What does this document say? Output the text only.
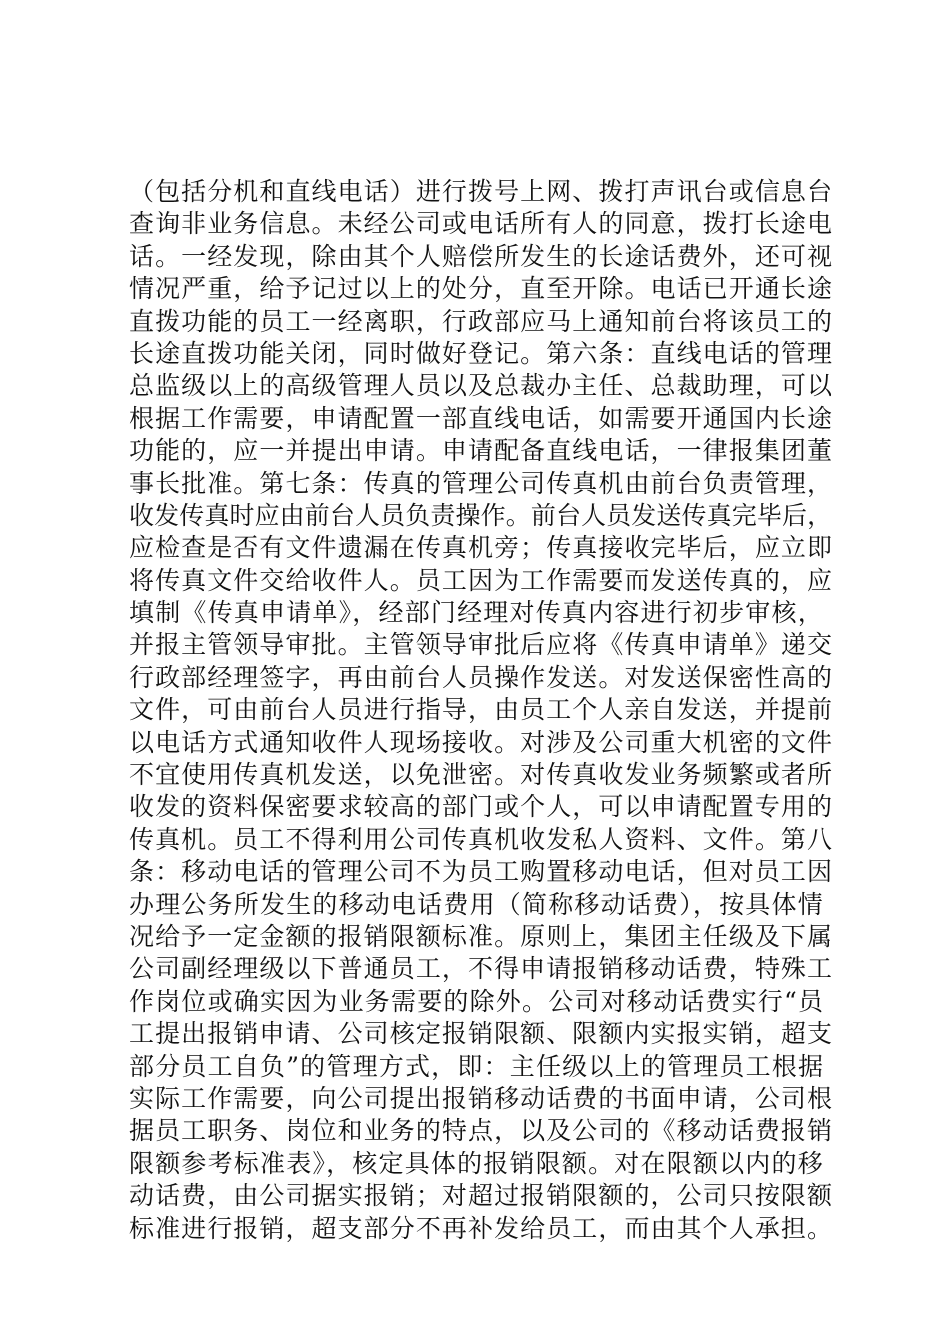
（包括分机和直线电话）进行拨号上网、拨打声讯台或信息台
查询非业务信息。未经公司或电话所有人的同意，拨打长途电
话。一经发现，除由其个人赔偿所发生的长途话费外，还可视
情况严重，给予记过以上的处分，直至开除。电话已开通长途
直拨功能的员工一经离职，行政部应马上通知前台将该员工的
长途直拨功能关闭，同时做好登记。第六条：直线电话的管理
总监级以上的高级管理人员以及总裁办主任、总裁助理，可以
根据工作需要，申请配置一部直线电话，如需要开通国内长途
功能的，应一并提出申请。申请配备直线电话，一律报集团董
事长批准。第七条：传真的管理公司传真机由前台负责管理，
收发传真时应由前台人员负责操作。前台人员发送传真完毕后，
应检查是否有文件遗漏在传真机旁；传真接收完毕后，应立即
将传真文件交给收件人。员工因为工作需要而发送传真的，应
填制《传真申请单》，经部门经理对传真内容进行初步审核，
并报主管领导审批。主管领导审批后应将《传真申请单》递交
行政部经理签字，再由前台人员操作发送。对发送保密性高的
文件，可由前台人员进行指导，由员工个人亲自发送，并提前
以电话方式通知收件人现场接收。对涉及公司重大机密的文件
不宜使用传真机发送，以免泄密。对传真收发业务频繁或者所
收发的资料保密要求较高的部门或个人，可以申请配置专用的
传真机。员工不得利用公司传真机收发私人资料、文件。第八
条：移动电话的管理公司不为员工购置移动电话，但对员工因
办理公务所发生的移动电话费用（简称移动话费），按具体情
况给予一定金额的报销限额标准。原则上，集团主任级及下属
公司副经理级以下普通员工，不得申请报销移动话费，特殊工
作岗位或确实因为业务需要的除外。公司对移动话费实行“员
工提出报销申请、公司核定报销限额、限额内实报实销，超支
部分员工自负”的管理方式，即：主任级以上的管理员工根据
实际工作需要，向公司提出报销移动话费的书面申请，公司根
据员工职务、岗位和业务的特点，以及公司的《移动话费报销
限额参考标准表》，核定具体的报销限额。对在限额以内的移
动话费，由公司据实报销；对超过报销限额的，公司只按限额
标准进行报销，超支部分不再补发给员工，而由其个人承担。
